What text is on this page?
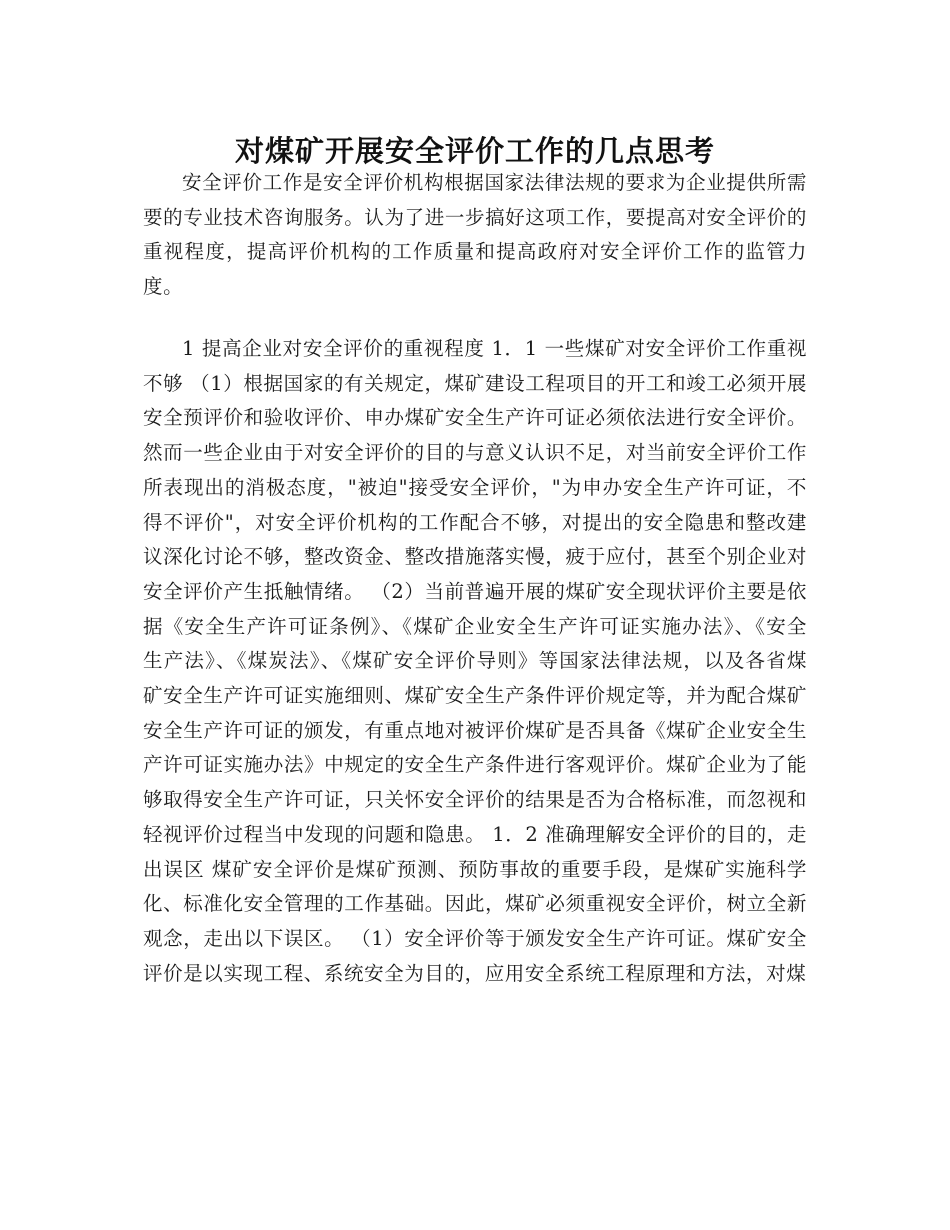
对煤矿开展安全评价工作的几点思考

安全评价工作是安全评价机构根据国家法律法规的要求为企业提供所需要的专业技术咨询服务。认为了进一步搞好这项工作，要提高对安全评价的重视程度，提高评价机构的工作质量和提高政府对安全评价工作的监管力度。

1 提高企业对安全评价的重视程度 1．1 一些煤矿对安全评价工作重视不够 （1）根据国家的有关规定，煤矿建设工程项目的开工和竣工必须开展安全预评价和验收评价、申办煤矿安全生产许可证必须依法进行安全评价。然而一些企业由于对安全评价的目的与意义认识不足，对当前安全评价工作所表现出的消极态度，"被迫"接受安全评价，"为申办安全生产许可证，不得不评价"，对安全评价机构的工作配合不够，对提出的安全隐患和整改建议深化讨论不够，整改资金、整改措施落实慢，疲于应付，甚至个别企业对安全评价产生抵触情绪。 （2）当前普遍开展的煤矿安全现状评价主要是依据《安全生产许可证条例》、《煤矿企业安全生产许可证实施办法》、《安全生产法》、《煤炭法》、《煤矿安全评价导则》等国家法律法规，以及各省煤矿安全生产许可证实施细则、煤矿安全生产条件评价规定等，并为配合煤矿安全生产许可证的颁发，有重点地对被评价煤矿是否具备《煤矿企业安全生产许可证实施办法》中规定的安全生产条件进行客观评价。煤矿企业为了能够取得安全生产许可证，只关怀安全评价的结果是否为合格标准，而忽视和轻视评价过程当中发现的问题和隐患。 1．2 准确理解安全评价的目的，走出误区 煤矿安全评价是煤矿预测、预防事故的重要手段，是煤矿实施科学化、标准化安全管理的工作基础。因此，煤矿必须重视安全评价，树立全新观念，走出以下误区。 （1）安全评价等于颁发安全生产许可证。煤矿安全评价是以实现工程、系统安全为目的，应用安全系统工程原理和方法，对煤
